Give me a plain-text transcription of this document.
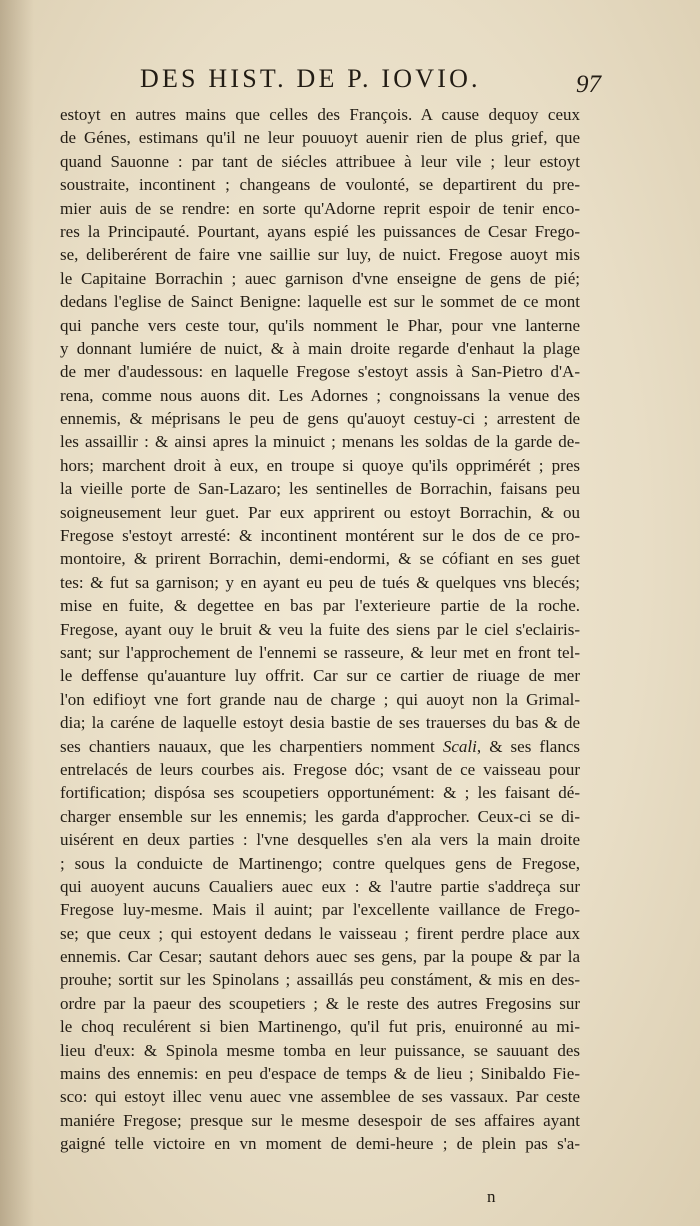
DES HIST. DE P. IOVIO.	97
estoyt en autres mains que celles des François. A cause dequoy ceux
de Génes, estimans qu'il ne leur pouuoyt auenir rien de plus grief, que
quand Sauonne : par tant de siécles attribuee à leur vile ; leur estoyt
soustraite, incontinent ; changeans de voulonté, se departirent du pre-
mier auis de se rendre: en sorte qu'Adorne reprit espoir de tenir enco-
res la Principauté. Pourtant, ayans espié les puissances de Cesar Frego-
se, deliberérent de faire vne saillie sur luy, de nuict. Fregose auoyt mis
le Capitaine Borrachin ; auec garnison d'vne enseigne de gens de pié;
dedans l'eglise de Sainct Benigne: laquelle est sur le sommet de ce mont
qui panche vers ceste tour, qu'ils nomment le Phar, pour vne lanterne
y donnant lumiére de nuict, & à main droite regarde d'enhaut la plage
de mer d'audessous: en laquelle Fregose s'estoyt assis à San-Pietro d'A-
rena, comme nous auons dit. Les Adornes ; congnoissans la venue des
ennemis, & méprisans le peu de gens qu'auoyt cestuy-ci ; arrestent de
les assaillir : & ainsi apres la minuict ; menans les soldas de la garde de-
hors; marchent droit à eux, en troupe si quoye qu'ils opprimérét ; pres
la vieille porte de San-Lazaro; les sentinelles de Borrachin, faisans peu
soigneusement leur guet. Par eux apprirent ou estoyt Borrachin, & ou
Fregose s'estoyt arresté: & incontinent montérent sur le dos de ce pro-
montoire, & prirent Borrachin, demi-endormi, & se cófiant en ses guet
tes: & fut sa garnison; y en ayant eu peu de tués & quelques vns blecés;
mise en fuite, & degettee en bas par l'exterieure partie de la roche.
Fregose, ayant ouy le bruit & veu la fuite des siens par le ciel s'eclairis-
sant; sur l'approchement de l'ennemi se rasseure, & leur met en front tel-
le deffense qu'auanture luy offrit. Car sur ce cartier de riuage de mer
l'on edifioyt vne fort grande nau de charge ; qui auoyt non la Grimal-
dia; la caréne de laquelle estoyt desia bastie de ses trauerses du bas & de
ses chantiers nauaux, que les charpentiers nomment Scali, & ses flancs
entrelacés de leurs courbes ais. Fregose dóc; vsant de ce vaisseau pour
fortification; dispósa ses scoupetiers opportunément: & ; les faisant dé-
charger ensemble sur les ennemis; les garda d'approcher. Ceux-ci se di-
uisérent en deux parties : l'vne desquelles s'en ala vers la main droite
; sous la conduicte de Martinengo; contre quelques gens de Fregose,
qui auoyent aucuns Caualiers auec eux : & l'autre partie s'addreça sur
Fregose luy-mesme. Mais il auint; par l'excellente vaillance de Frego-
se; que ceux ; qui estoyent dedans le vaisseau ; firent perdre place aux
ennemis. Car Cesar; sautant dehors auec ses gens, par la poupe & par la
prouhe; sortit sur les Spinolans ; assaillás peu constáment, & mis en des-
ordre par la paeur des scoupetiers ; & le reste des autres Fregosins sur
le choq reculérent si bien Martinengo, qu'il fut pris, enuironné au mi-
lieu d'eux: & Spinola mesme tomba en leur puissance, se sauuant des
mains des ennemis: en peu d'espace de temps & de lieu ; Sinibaldo Fie-
sco: qui estoyt illec venu auec vne assemblee de ses vassaux. Par ceste
maniére Fregose; presque sur le mesme desespoir de ses affaires ayant
gaigné telle victoire en vn moment de demi-heure ; de plein pas s'a-
n
